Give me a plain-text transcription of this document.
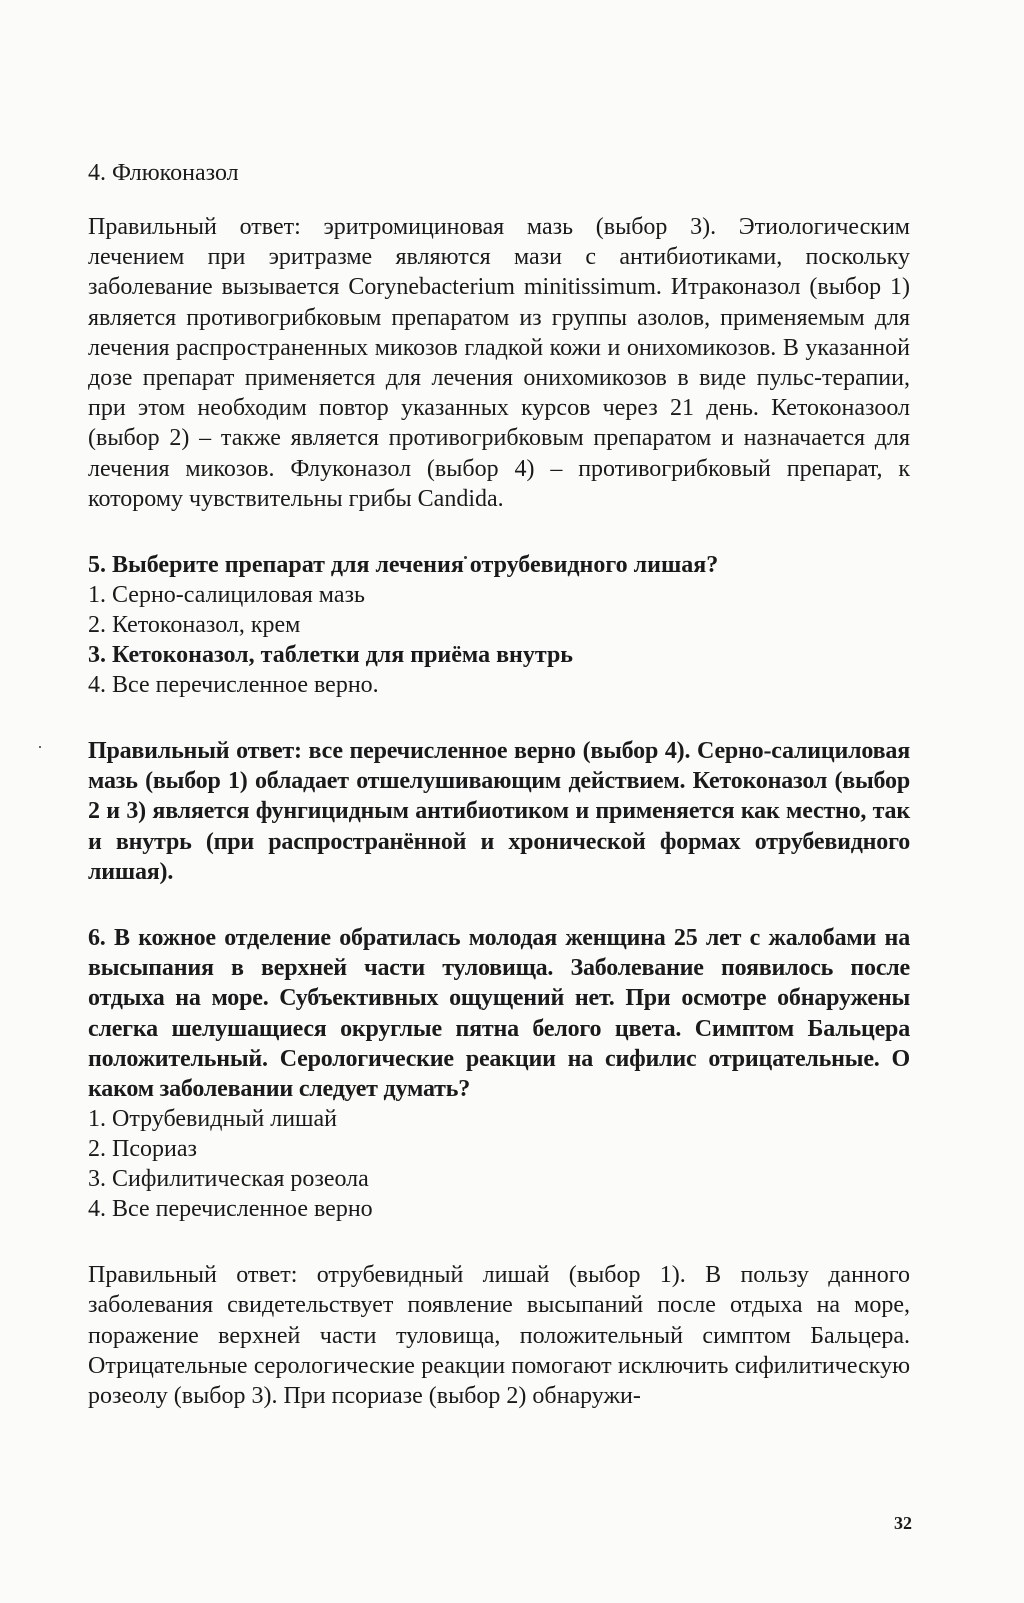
4. Флюконазол

Правильный ответ: эритромициновая мазь (выбор 3). Этиологическим лечением при эритразме являются мази с антибиотиками, поскольку заболевание вызывается Corynebacterium minitissimum. Итраконазол (выбор 1) является противогрибковым препаратом из группы азолов, применяемым для лечения распространенных микозов гладкой кожи и онихомикозов. В указанной дозе препарат применяется для лечения онихомикозов в виде пульс-терапии, при этом необходим повтор указанных курсов через 21 день. Кетоконазоол (выбор 2) – также является противогрибковым препаратом и назначается для лечения микозов. Флуконазол (выбор 4) – противогрибковый препарат, к которому чувствительны грибы Candida.

5. Выберите препарат для лечения отрубевидного лишая?

1. Серно-салициловая мазь
2. Кетоконазол, крем
3. Кетоконазол, таблетки для приёма внутрь
4. Все перечисленное верно.

Правильный ответ: все перечисленное верно (выбор 4). Серно-салициловая мазь (выбор 1) обладает отшелушивающим действием. Кетоконазол (выбор 2 и 3) является фунгицидным антибиотиком и применяется как местно, так и внутрь (при распространённой и хронической формах отрубевидного лишая).

6. В кожное отделение обратилась молодая женщина 25 лет с жалобами на высыпания в верхней части туловища. Заболевание появилось после отдыха на море. Субъективных ощущений нет. При осмотре обнаружены слегка шелушащиеся округлые пятна белого цвета. Симптом Бальцера положительный. Серологические реакции на сифилис отрицательные. О каком заболевании следует думать?

1. Отрубевидный лишай
2. Псориаз
3. Сифилитическая розеола
4. Все перечисленное верно

Правильный ответ: отрубевидный лишай (выбор 1). В пользу данного заболевания свидетельствует появление высыпаний после отдыха на море, поражение верхней части туловища, положительный симптом Бальцера. Отрицательные серологические реакции помогают исключить сифилитическую розеолу (выбор 3). При псориазе (выбор 2) обнаружи-

32
